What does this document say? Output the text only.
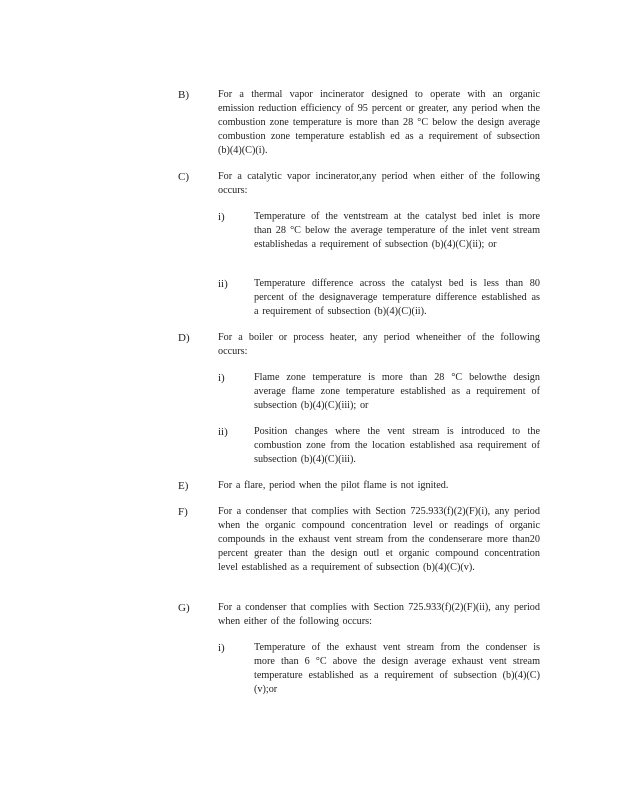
B)	For a thermal vapor incinerator designed to operate with an organic emission reduction efficiency of 95 percent or greater, any period when the combustion zone temperature is more than 28 °C below the design average combustion zone temperature establish ed as a requirement of subsection (b)(4)(C)(i).
C)	For a catalytic vapor incinerator,any period when either of the following occurs:
i)	Temperature of the ventstream at the catalyst bed inlet is more than 28 °C below the average temperature of the inlet vent stream establishedas a requirement of subsection (b)(4)(C)(ii); or
ii)	Temperature difference across the catalyst bed is less than 80 percent of the designaverage temperature difference established as a requirement of subsection (b)(4)(C)(ii).
D)	For a boiler or process heater, any period wheneither of the following occurs:
i)	Flame zone temperature is more than 28 °C belowthe design average flame zone temperature established as a requirement of subsection (b)(4)(C)(iii); or
ii)	Position changes where the vent stream is introduced to the combustion zone from the location established asa requirement of subsection (b)(4)(C)(iii).
E)	For a flare, period when the pilot flame is not ignited.
F)	For a condenser that complies with Section 725.933(f)(2)(F)(i), any period when the organic compound concentration level or readings of organic compounds in the exhaust vent stream from the condenserare more than20 percent greater than the design outl et organic compound concentration level established as a requirement of subsection (b)(4)(C)(v).
G)	For a condenser that complies with Section 725.933(f)(2)(F)(ii), any period when either of the following occurs:
i)	Temperature of the exhaust vent stream from the condenser is more than 6 °C above the design average exhaust vent stream temperature established as a requirement of subsection (b)(4)(C)(v);or
